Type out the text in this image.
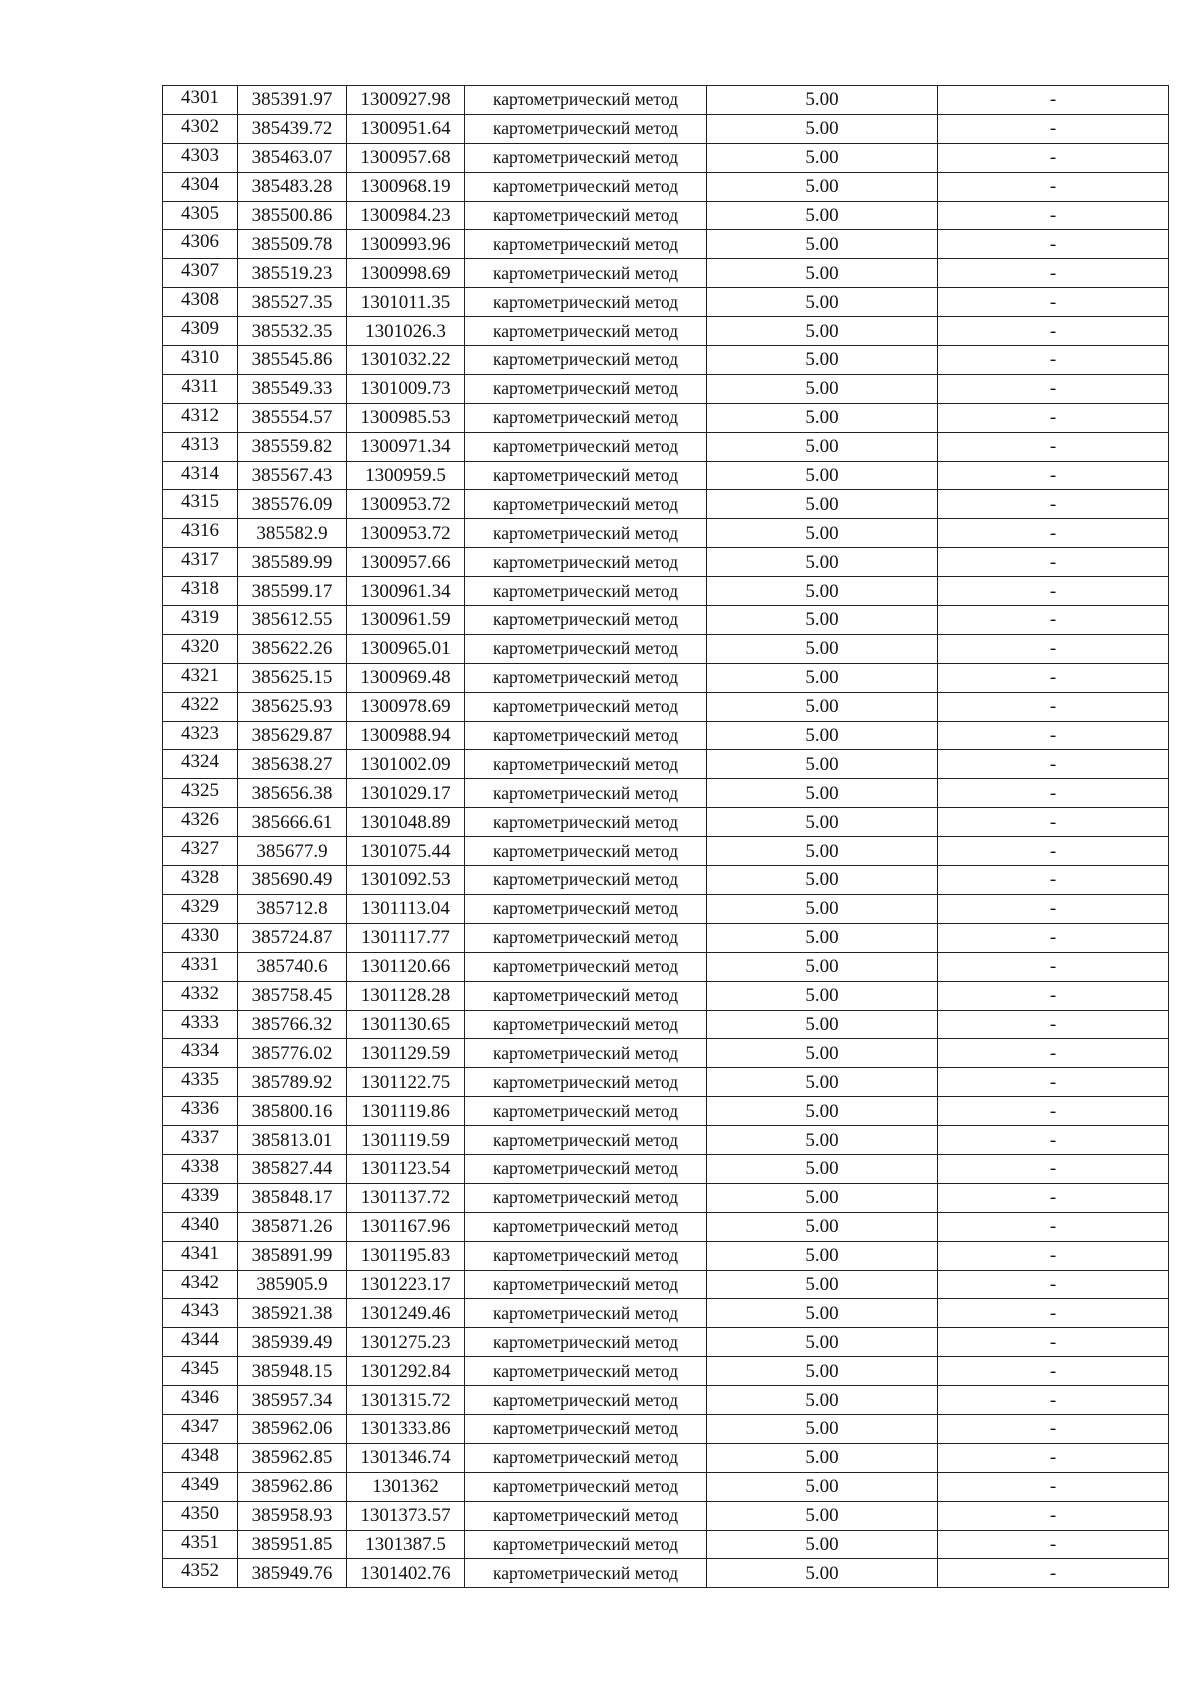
4301	385391.97	1300927.98	картометрический метод	5.00	-
4302	385439.72	1300951.64	картометрический метод	5.00	-
4303	385463.07	1300957.68	картометрический метод	5.00	-
4304	385483.28	1300968.19	картометрический метод	5.00	-
4305	385500.86	1300984.23	картометрический метод	5.00	-
4306	385509.78	1300993.96	картометрический метод	5.00	-
4307	385519.23	1300998.69	картометрический метод	5.00	-
4308	385527.35	1301011.35	картометрический метод	5.00	-
4309	385532.35	1301026.3	картометрический метод	5.00	-
4310	385545.86	1301032.22	картометрический метод	5.00	-
4311	385549.33	1301009.73	картометрический метод	5.00	-
4312	385554.57	1300985.53	картометрический метод	5.00	-
4313	385559.82	1300971.34	картометрический метод	5.00	-
4314	385567.43	1300959.5	картометрический метод	5.00	-
4315	385576.09	1300953.72	картометрический метод	5.00	-
4316	385582.9	1300953.72	картометрический метод	5.00	-
4317	385589.99	1300957.66	картометрический метод	5.00	-
4318	385599.17	1300961.34	картометрический метод	5.00	-
4319	385612.55	1300961.59	картометрический метод	5.00	-
4320	385622.26	1300965.01	картометрический метод	5.00	-
4321	385625.15	1300969.48	картометрический метод	5.00	-
4322	385625.93	1300978.69	картометрический метод	5.00	-
4323	385629.87	1300988.94	картометрический метод	5.00	-
4324	385638.27	1301002.09	картометрический метод	5.00	-
4325	385656.38	1301029.17	картометрический метод	5.00	-
4326	385666.61	1301048.89	картометрический метод	5.00	-
4327	385677.9	1301075.44	картометрический метод	5.00	-
4328	385690.49	1301092.53	картометрический метод	5.00	-
4329	385712.8	1301113.04	картометрический метод	5.00	-
4330	385724.87	1301117.77	картометрический метод	5.00	-
4331	385740.6	1301120.66	картометрический метод	5.00	-
4332	385758.45	1301128.28	картометрический метод	5.00	-
4333	385766.32	1301130.65	картометрический метод	5.00	-
4334	385776.02	1301129.59	картометрический метод	5.00	-
4335	385789.92	1301122.75	картометрический метод	5.00	-
4336	385800.16	1301119.86	картометрический метод	5.00	-
4337	385813.01	1301119.59	картометрический метод	5.00	-
4338	385827.44	1301123.54	картометрический метод	5.00	-
4339	385848.17	1301137.72	картометрический метод	5.00	-
4340	385871.26	1301167.96	картометрический метод	5.00	-
4341	385891.99	1301195.83	картометрический метод	5.00	-
4342	385905.9	1301223.17	картометрический метод	5.00	-
4343	385921.38	1301249.46	картометрический метод	5.00	-
4344	385939.49	1301275.23	картометрический метод	5.00	-
4345	385948.15	1301292.84	картометрический метод	5.00	-
4346	385957.34	1301315.72	картометрический метод	5.00	-
4347	385962.06	1301333.86	картометрический метод	5.00	-
4348	385962.85	1301346.74	картометрический метод	5.00	-
4349	385962.86	1301362	картометрический метод	5.00	-
4350	385958.93	1301373.57	картометрический метод	5.00	-
4351	385951.85	1301387.5	картометрический метод	5.00	-
4352	385949.76	1301402.76	картометрический метод	5.00	-
